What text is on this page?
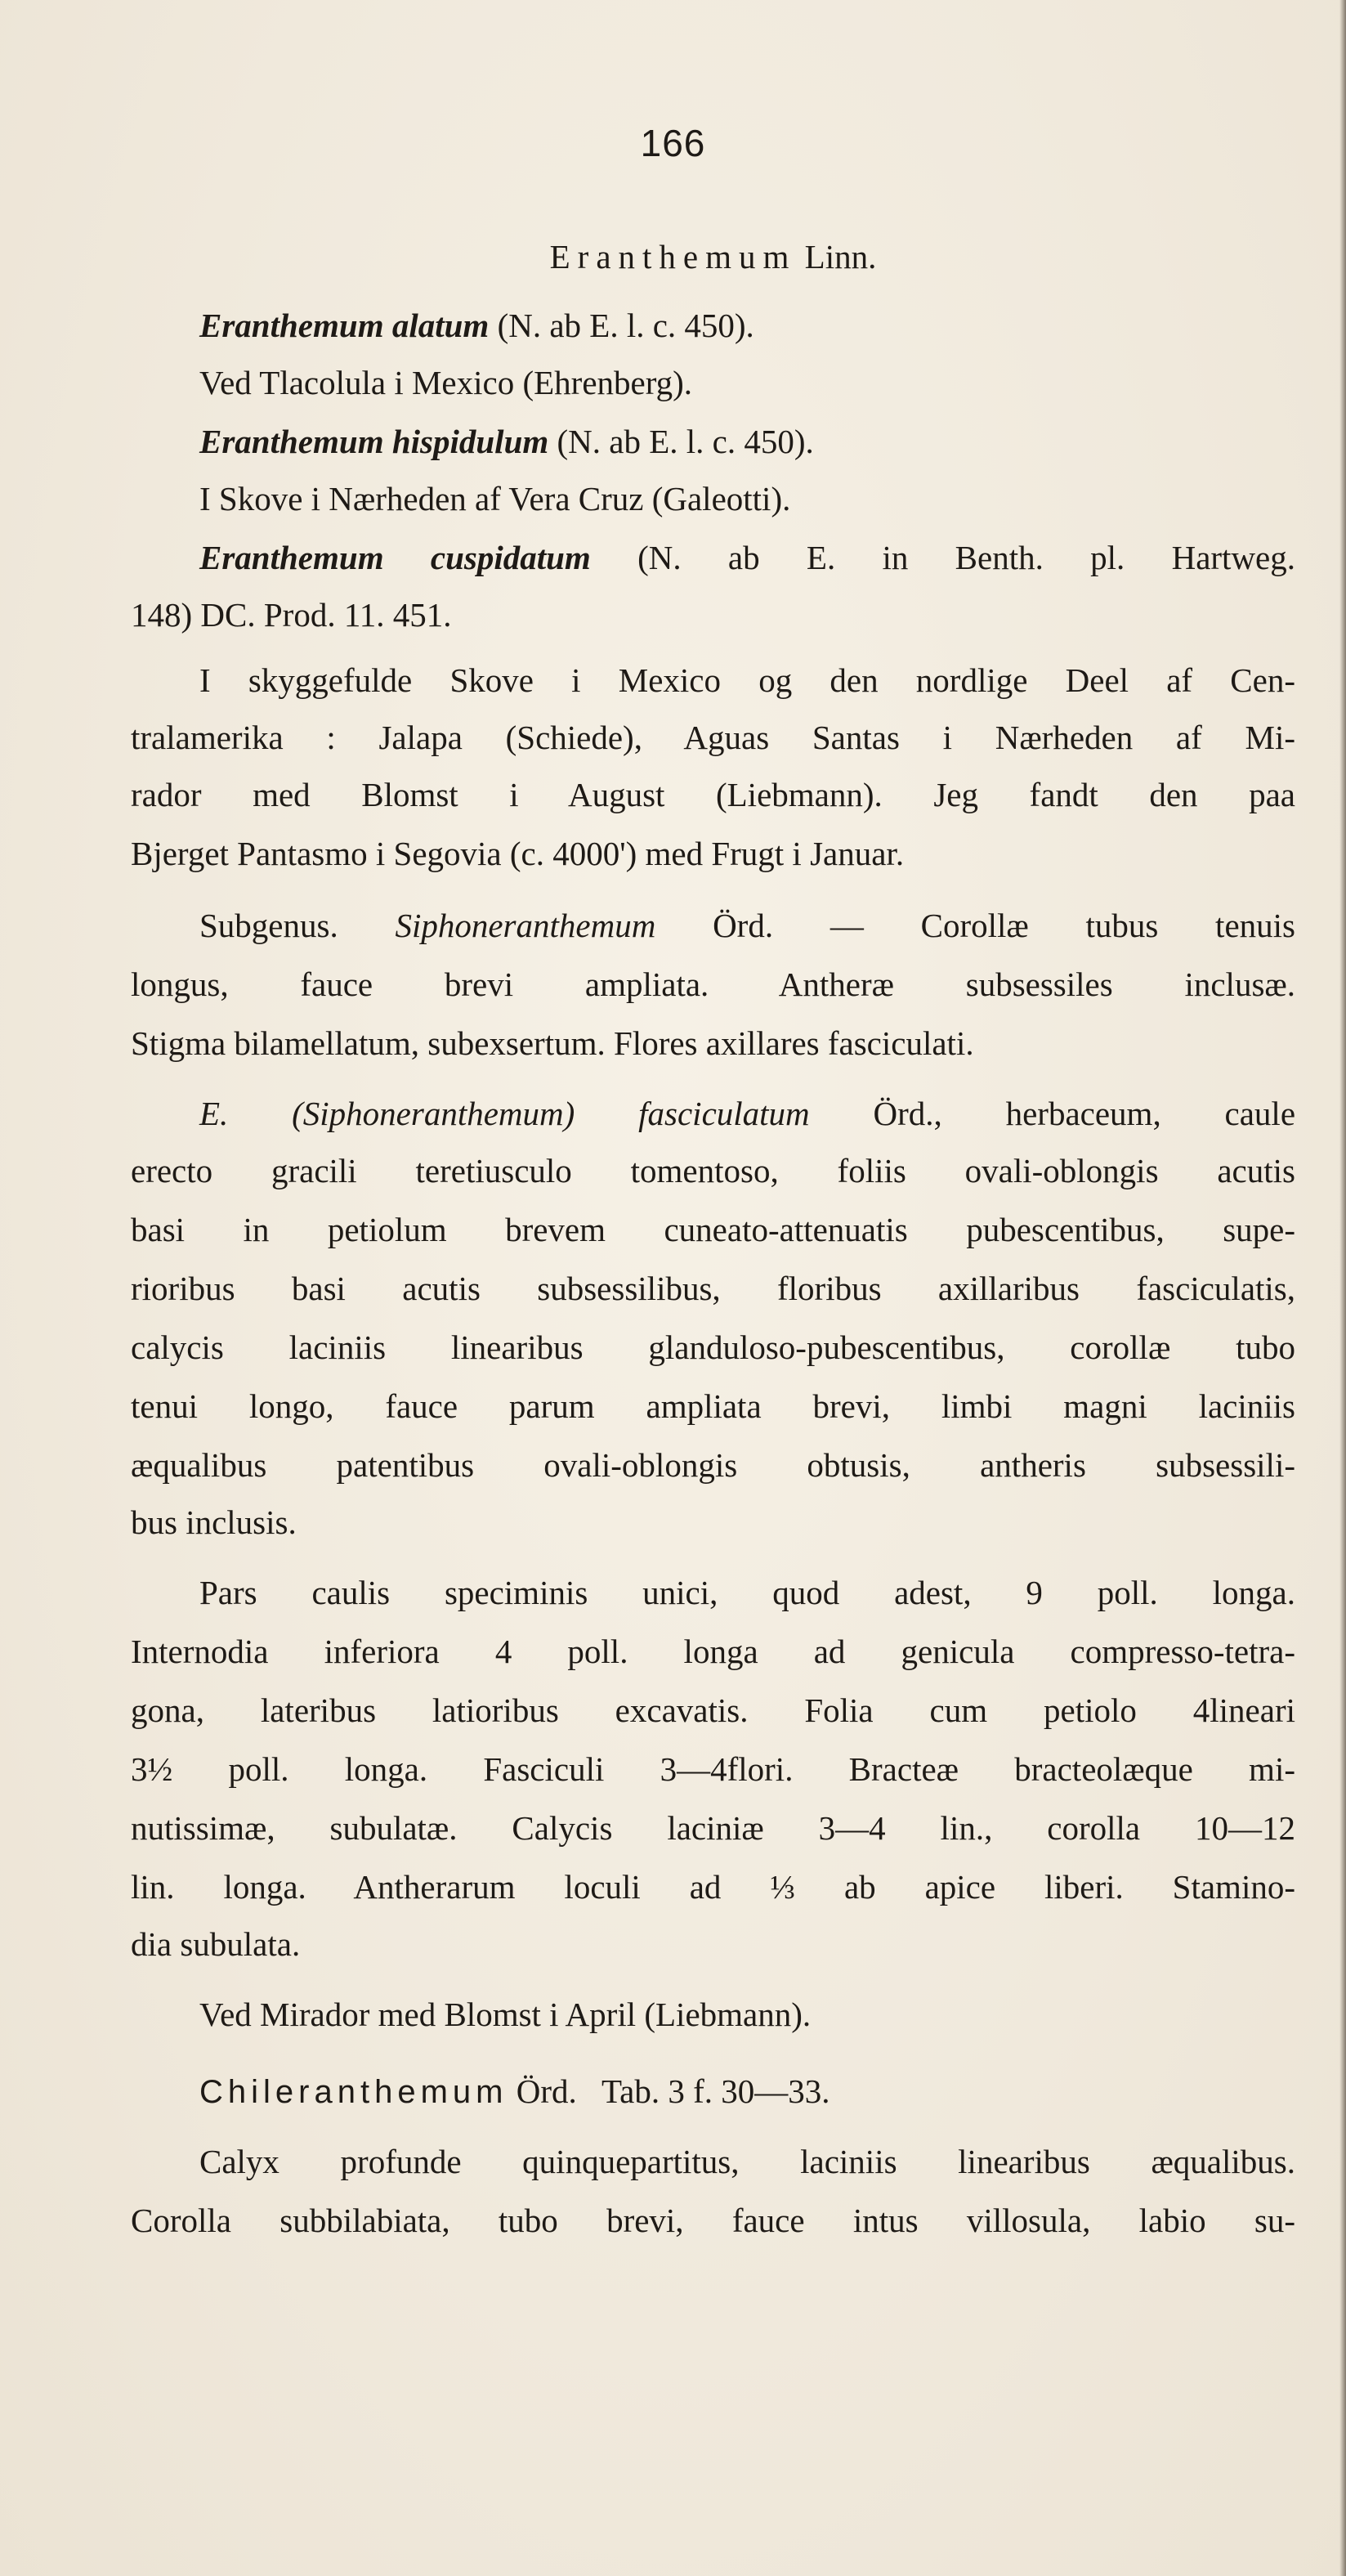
166
Eranthemum Linn.
Eranthemum alatum (N. ab E. l. c. 450).
Ved Tlacolula i Mexico (Ehrenberg).
Eranthemum hispidulum (N. ab E. l. c. 450).
I Skove i Nærheden af Vera Cruz (Galeotti).
Eranthemum cuspidatum (N. ab E. in Benth. pl. Hartweg.
148) DC. Prod. 11. 451.
I skyggefulde Skove i Mexico og den nordlige Deel af Cen-
tralamerika : Jalapa (Schiede), Aguas Santas i Nærheden af Mi-
rador med Blomst i August (Liebmann). Jeg fandt den paa
Bjerget Pantasmo i Segovia (c. 4000') med Frugt i Januar.
Subgenus. Siphoneranthemum Örd. — Corollæ tubus tenuis
longus, fauce brevi ampliata. Antheræ subsessiles inclusæ.
Stigma bilamellatum, subexsertum. Flores axillares fasciculati.
E. (Siphoneranthemum) fasciculatum Örd., herbaceum, caule
erecto gracili teretiusculo tomentoso, foliis ovali-oblongis acutis
basi in petiolum brevem cuneato-attenuatis pubescentibus, supe-
rioribus basi acutis subsessilibus, floribus axillaribus fasciculatis,
calycis laciniis linearibus glanduloso-pubescentibus, corollæ tubo
tenui longo, fauce parum ampliata brevi, limbi magni laciniis
æqualibus patentibus ovali-oblongis obtusis, antheris subsessili-
bus inclusis.
Pars caulis speciminis unici, quod adest, 9 poll. longa.
Internodia inferiora 4 poll. longa ad genicula compresso-tetra-
gona, lateribus latioribus excavatis. Folia cum petiolo 4lineari
3½ poll. longa. Fasciculi 3—4flori. Bracteæ bracteolæque mi-
nutissimæ, subulatæ. Calycis laciniæ 3—4 lin., corolla 10—12
lin. longa. Antherarum loculi ad ⅓ ab apice liberi. Stamino-
dia subulata.
Ved Mirador med Blomst i April (Liebmann).
Chileranthemum Örd. Tab. 3 f. 30—33.
Calyx profunde quinquepartitus, laciniis linearibus æqualibus.
Corolla subbilabiata, tubo brevi, fauce intus villosula, labio su-
